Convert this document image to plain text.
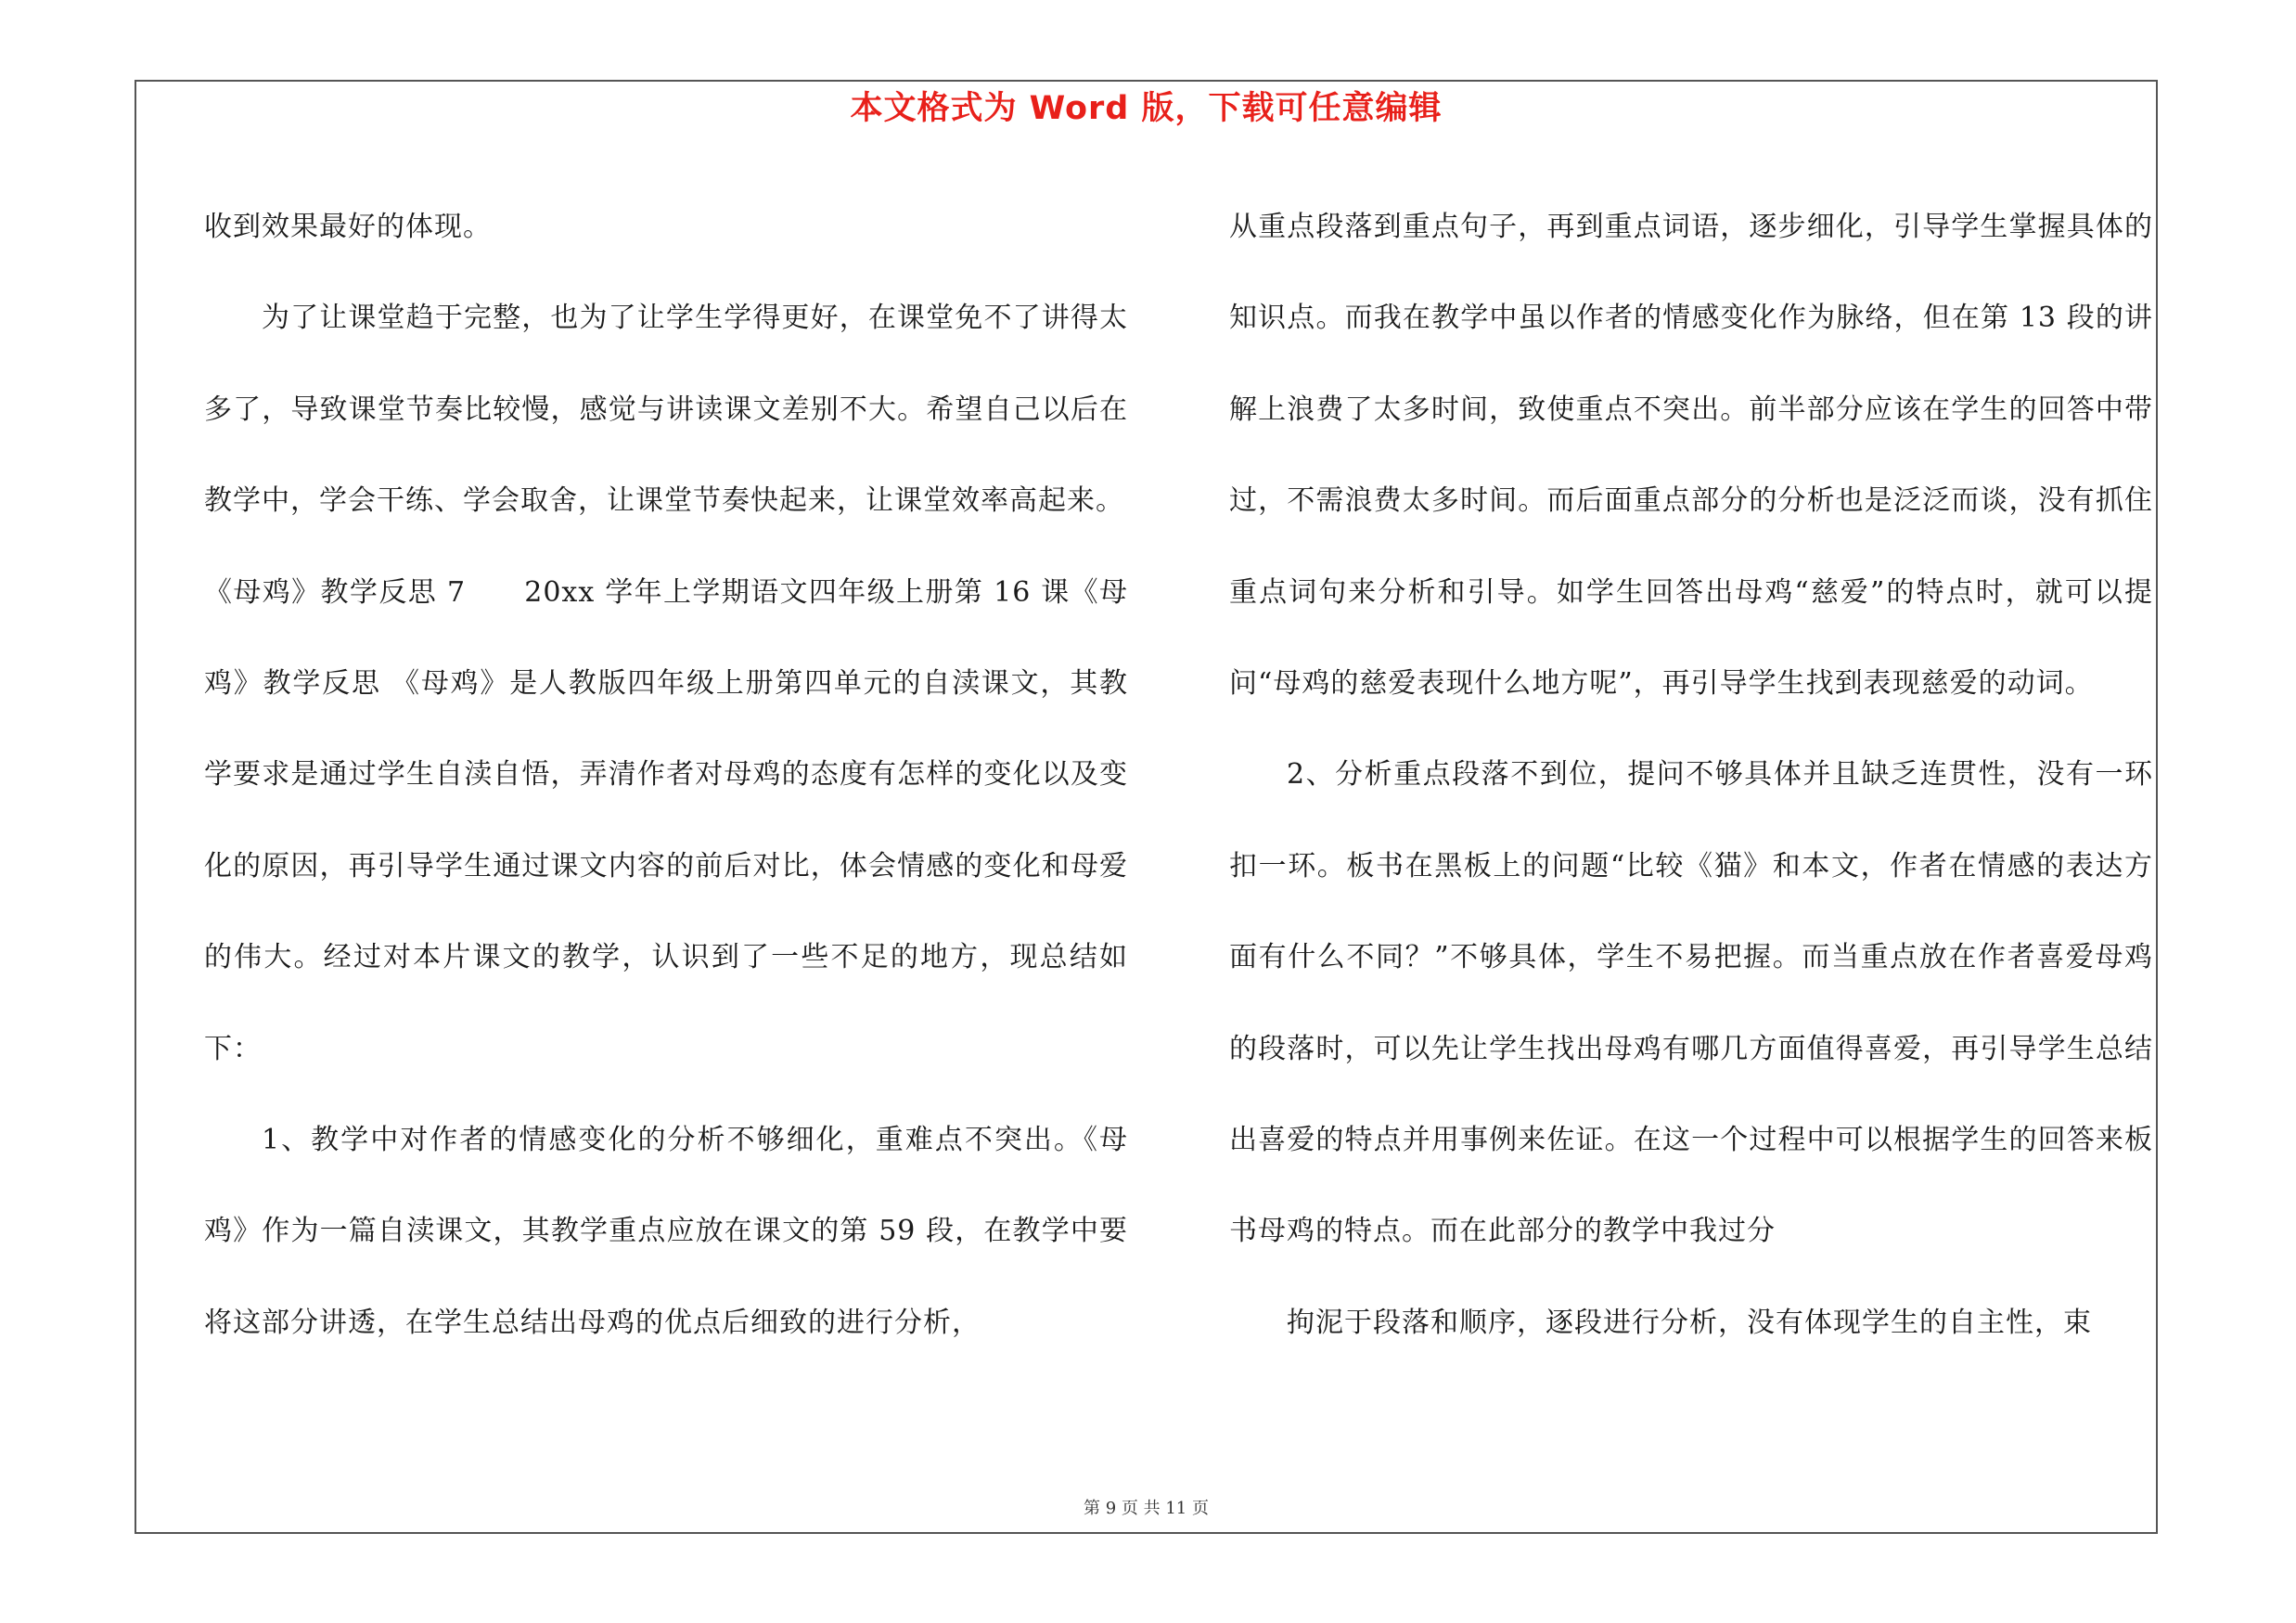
本文格式为 Word 版，下载可任意编辑

收到效果最好的体现。

为了让课堂趋于完整，也为了让学生学得更好，在课堂免不了讲得太多了，导致课堂节奏比较慢，感觉与讲读课文差别不大。希望自己以后在教学中，学会干练、学会取舍，让课堂节奏快起来，让课堂效率高起来。

《母鸡》教学反思 7　　20xx 学年上学期语文四年级上册第 16 课《母鸡》教学反思 《母鸡》是人教版四年级上册第四单元的自渎课文，其教学要求是通过学生自渎自悟，弄清作者对母鸡的态度有怎样的变化以及变化的原因，再引导学生通过课文内容的前后对比，体会情感的变化和母爱的伟大。经过对本片课文的教学，认识到了一些不足的地方，现总结如下：

1、教学中对作者的情感变化的分析不够细化，重难点不突出。《母鸡》作为一篇自渎课文，其教学重点应放在课文的第 59 段，在教学中要将这部分讲透，在学生总结出母鸡的优点后细致的进行分析，

从重点段落到重点句子，再到重点词语，逐步细化，引导学生掌握具体的知识点。而我在教学中虽以作者的情感变化作为脉络，但在第 13 段的讲解上浪费了太多时间，致使重点不突出。前半部分应该在学生的回答中带过，不需浪费太多时间。而后面重点部分的分析也是泛泛而谈，没有抓住重点词句来分析和引导。如学生回答出母鸡“慈爱”的特点时，就可以提问“母鸡的慈爱表现什么地方呢”，再引导学生找到表现慈爱的动词。

2、分析重点段落不到位，提问不够具体并且缺乏连贯性，没有一环扣一环。板书在黑板上的问题“比较《猫》和本文，作者在情感的表达方面有什么不同？”不够具体，学生不易把握。而当重点放在作者喜爱母鸡的段落时，可以先让学生找出母鸡有哪几方面值得喜爱，再引导学生总结出喜爱的特点并用事例来佐证。在这一个过程中可以根据学生的回答来板书母鸡的特点。而在此部分的教学中我过分

拘泥于段落和顺序，逐段进行分析，没有体现学生的自主性，束

第 9 页 共 11 页
